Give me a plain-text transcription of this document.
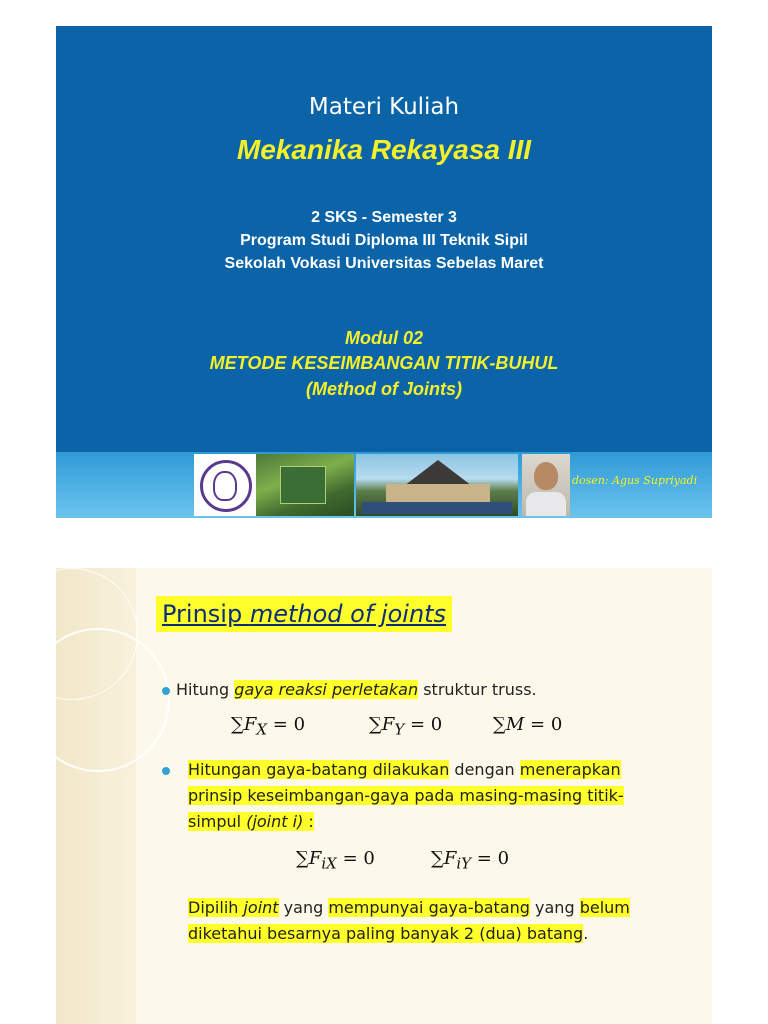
Materi Kuliah
Mekanika Rekayasa III
2 SKS - Semester 3
Program Studi Diploma III Teknik Sipil
Sekolah Vokasi Universitas Sebelas Maret
Modul 02
METODE KESEIMBANGAN TITIK-BUHUL
(Method of Joints)
dosen: Agus Supriyadi
Prinsip method of joints
Hitung gaya reaksi perletakan struktur truss.
$\sum F_X = 0$	$\sum F_Y = 0$	∑M = 0
Hitungan gaya-batang dilakukan dengan menerapkan
prinsip keseimbangan-gaya pada masing-masing titik-
simpul (joint i) :
$\sum F_{iX} = 0$	$\sum F_{iY} = 0$
Dipilih joint yang mempunyai gaya-batang yang belum
diketahui besarnya paling banyak 2 (dua) batang.
